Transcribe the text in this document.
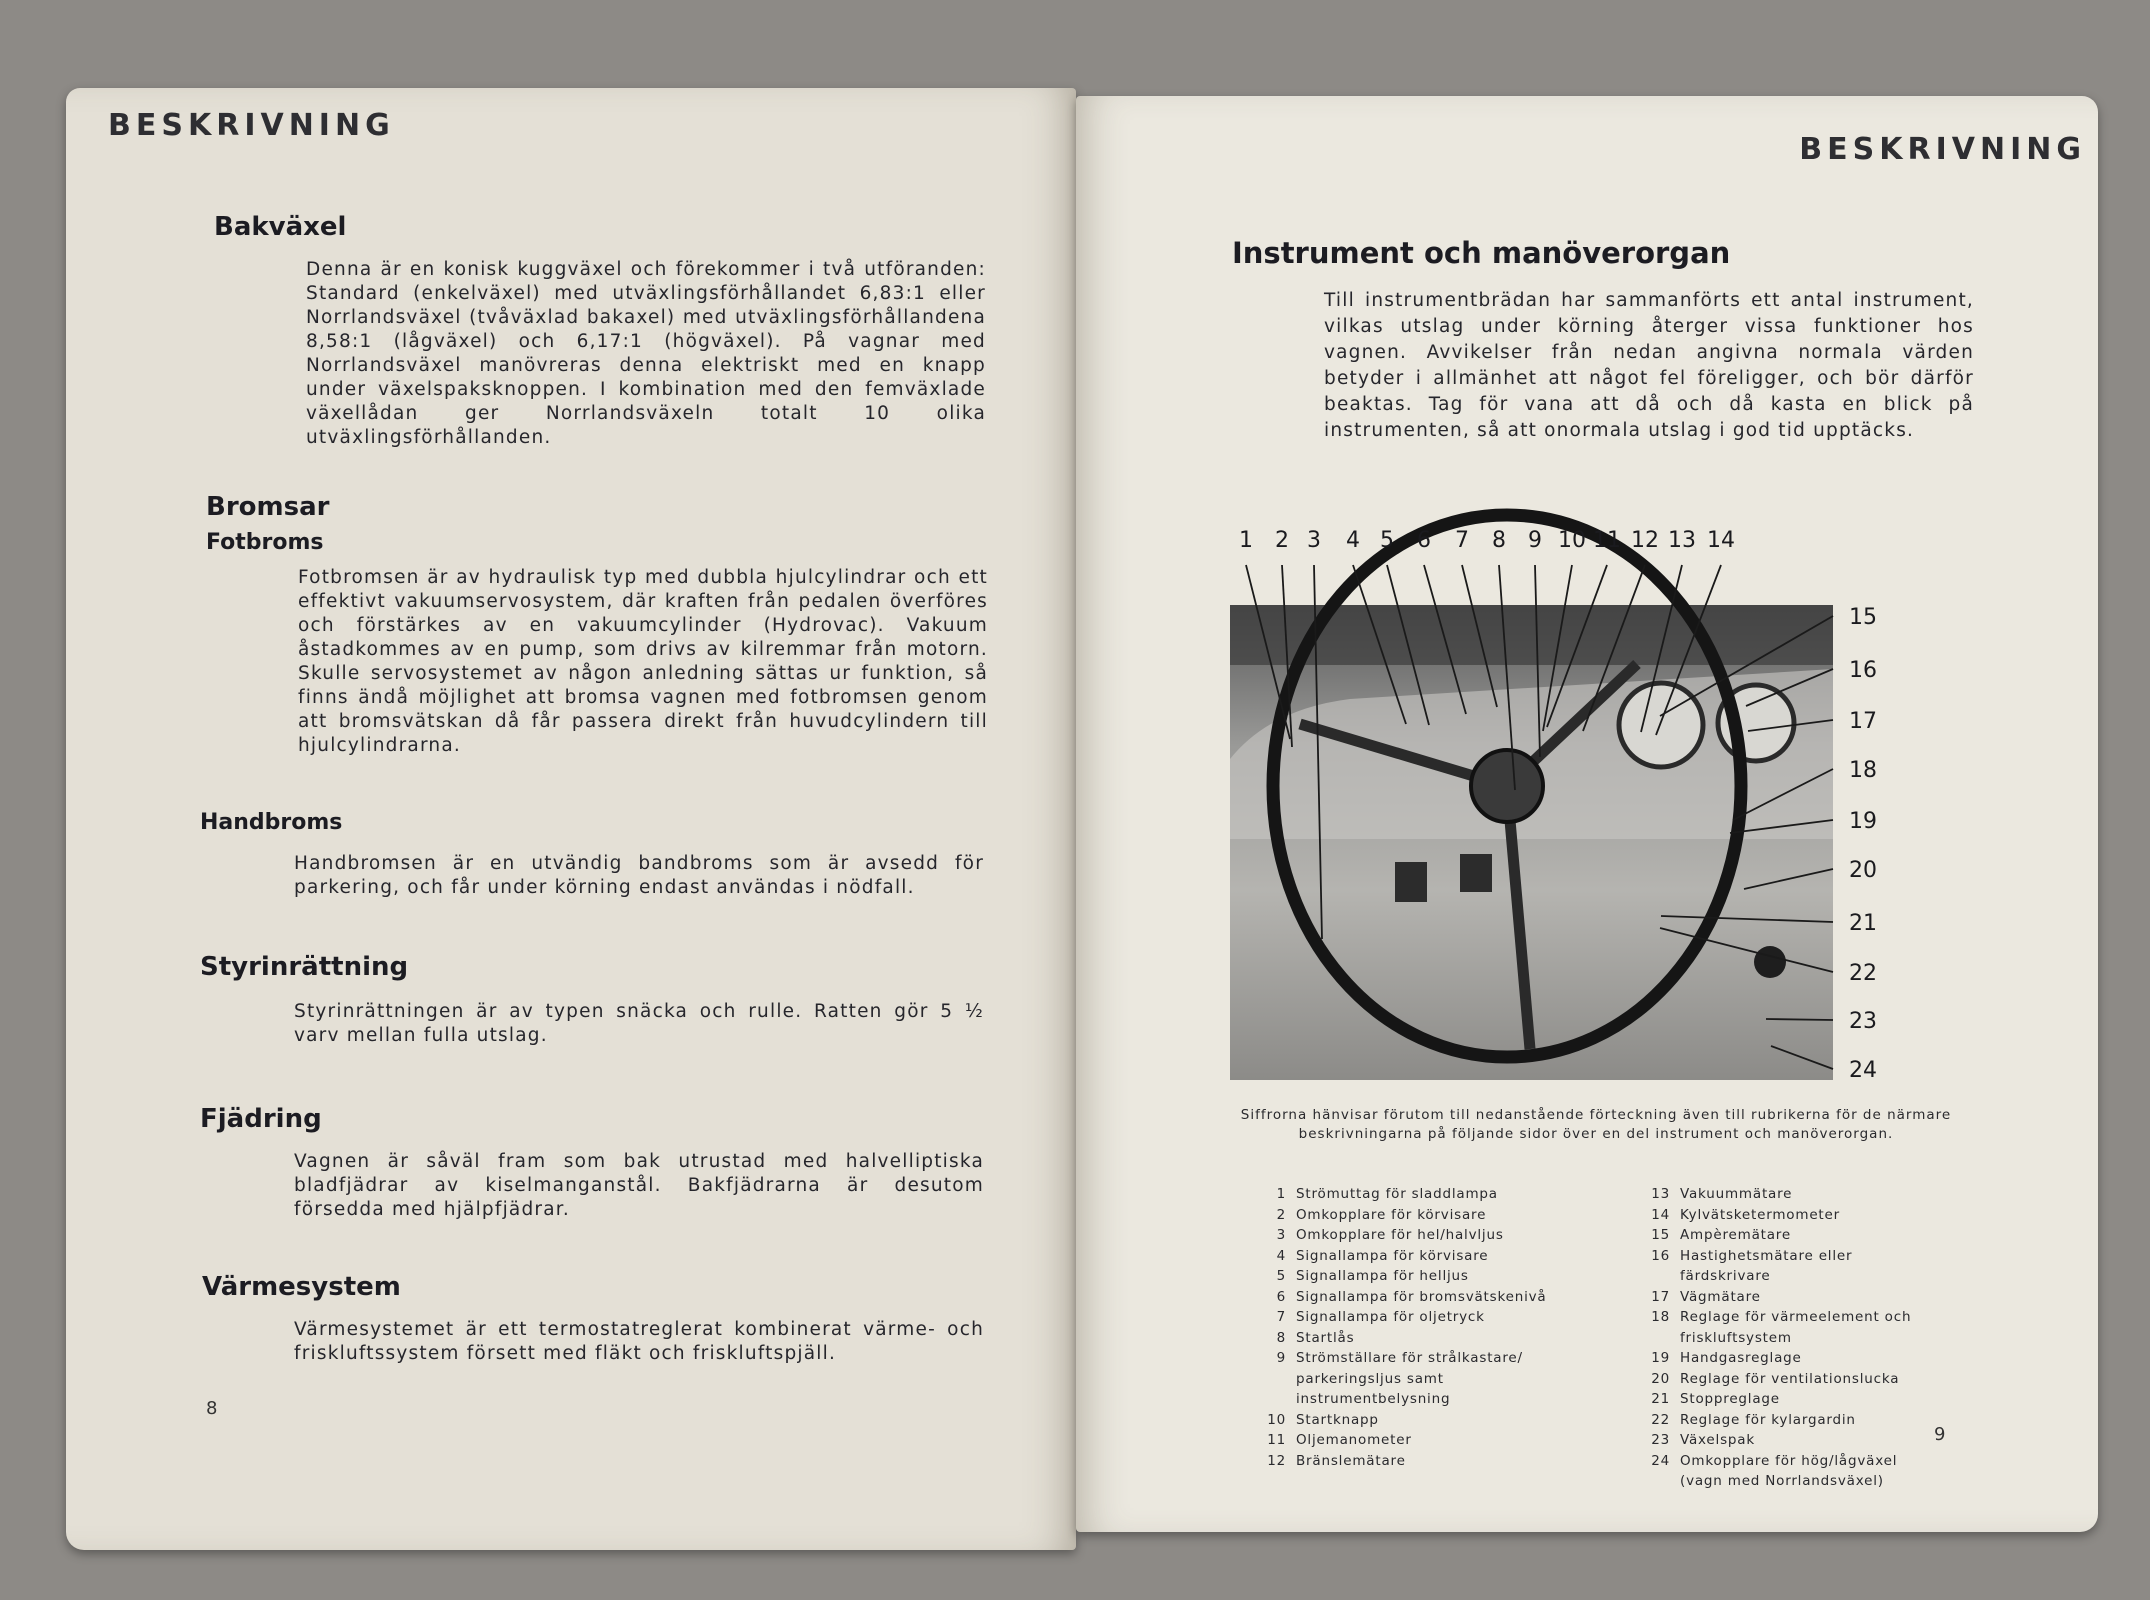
BESKRIVNING
Bakväxel
Denna är en konisk kuggväxel och förekommer i två utföranden: Standard (enkelväxel) med utväxlingsförhållandet 6,83:1 eller Norrlandsväxel (tvåväxlad bakaxel) med utväxlingsförhållandena 8,58:1 (lågväxel) och 6,17:1 (högväxel). På vagnar med Norrlandsväxel manövreras denna elektriskt med en knapp under växelspaksknoppen. I kombination med den femväxlade växellådan ger Norrlandsväxeln totalt 10 olika utväxlingsförhållanden.
Bromsar
Fotbroms
Fotbromsen är av hydraulisk typ med dubbla hjulcylindrar och ett effektivt vakuumservosystem, där kraften från pedalen överföres och förstärkes av en vakuumcylinder (Hydrovac). Vakuum åstadkommes av en pump, som drivs av kilremmar från motorn. Skulle servosystemet av någon anledning sättas ur funktion, så finns ändå möjlighet att bromsa vagnen med fotbromsen genom att bromsvätskan då får passera direkt från huvudcylindern till hjulcylindrarna.
Handbroms
Handbromsen är en utvändig bandbroms som är avsedd för parkering, och får under körning endast användas i nödfall.
Styrinrättning
Styrinrättningen är av typen snäcka och rulle. Ratten gör 5 ½ varv mellan fulla utslag.
Fjädring
Vagnen är såväl fram som bak utrustad med halvelliptiska bladfjädrar av kiselmanganstål. Bakfjädrarna är desutom försedda med hjälpfjädrar.
Värmesystem
Värmesystemet är ett termostatreglerat kombinerat värme- och friskluftssystem försett med fläkt och friskluftspjäll.
8
BESKRIVNING
Instrument och manöverorgan
Till instrumentbrädan har sammanförts ett antal instrument, vilkas utslag under körning återger vissa funktioner hos vagnen. Avvikelser från nedan angivna normala värden betyder i allmänhet att något fel föreligger, och bör därför beaktas. Tag för vana att då och då kasta en blick på instrumenten, så att onormala utslag i god tid upptäcks.
1 2 3 4 5 6 7 8 9 10 11 12 13 14
15
16
17
18
19
20
21
22
23
24
Siffrorna hänvisar förutom till nedanstående förteckning även till rubrikerna för de närmare beskrivningarna på följande sidor över en del instrument och manöverorgan.
1 Strömuttag för sladdlampa
2 Omkopplare för körvisare
3 Omkopplare för hel/halvljus
4 Signallampa för körvisare
5 Signallampa för helljus
6 Signallampa för bromsvätskenivå
7 Signallampa för oljetryck
8 Startlås
9 Strömställare för strålkastare/ parkeringsljus samt instrumentbelysning
10 Startknapp
11 Oljemanometer
12 Bränslemätare
13 Vakuummätare
14 Kylvätsketermometer
15 Ampèremätare
16 Hastighetsmätare eller färdskrivare
17 Vägmätare
18 Reglage för värmeelement och friskluftsystem
19 Handgasreglage
20 Reglage för ventilationslucka
21 Stoppreglage
22 Reglage för kylargardin
23 Växelspak
24 Omkopplare för hög/lågväxel (vagn med Norrlandsväxel)
9
